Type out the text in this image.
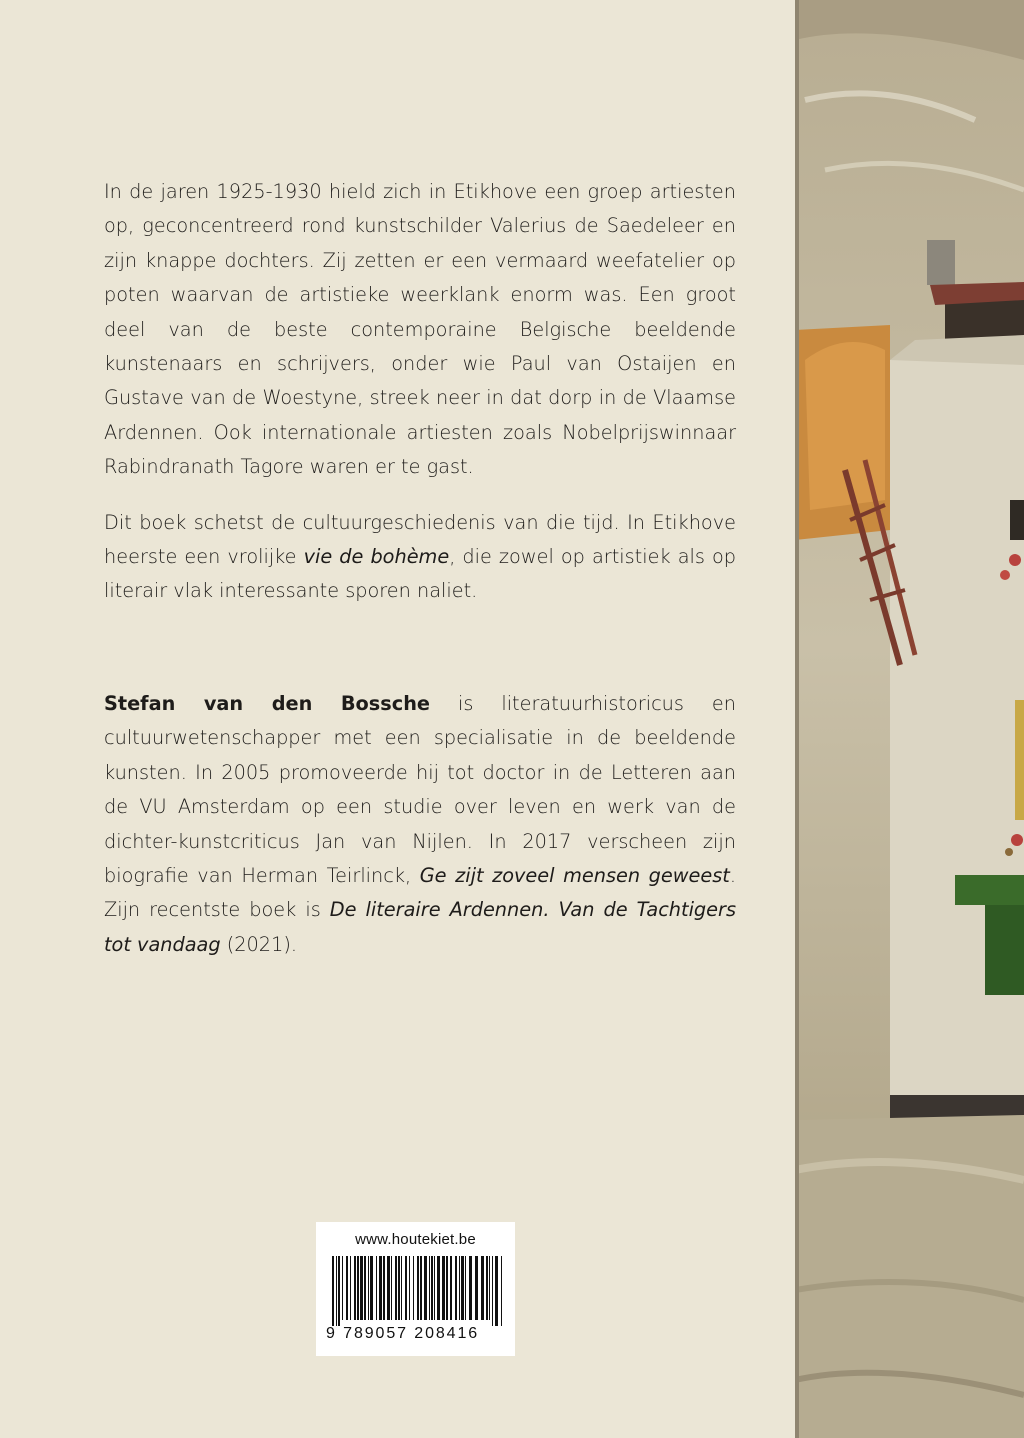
In de jaren 1925-1930 hield zich in Etikhove een groep artiesten op, geconcentreerd rond kunstschilder Valerius de Saedeleer en zijn knappe dochters. Zij zetten er een vermaard weefatelier op poten waarvan de artistieke weerklank enorm was. Een groot deel van de beste contemporaine Belgische beeldende kunstenaars en schrijvers, onder wie Paul van Ostaijen en Gustave van de Woestyne, streek neer in dat dorp in de Vlaamse Ardennen. Ook internationale artiesten zoals Nobelprijswinnaar Rabindranath Tagore waren er te gast.

Dit boek schetst de cultuurgeschiedenis van die tijd. In Etikhove heerste een vrolijke vie de bohème, die zowel op artistiek als op literair vlak interessante sporen naliet.

Stefan van den Bossche is literatuurhistoricus en cultuurwetenschapper met een specialisatie in de beeldende kunsten. In 2005 promoveerde hij tot doctor in de Letteren aan de VU Amsterdam op een studie over leven en werk van de dichter-kunstcriticus Jan van Nijlen. In 2017 verscheen zijn biografie van Herman Teirlinck, Ge zijt zoveel mensen geweest. Zijn recentste boek is De literaire Ardennen. Van de Tachtigers tot vandaag (2021).

www.houtekiet.be
9 789057 208416
